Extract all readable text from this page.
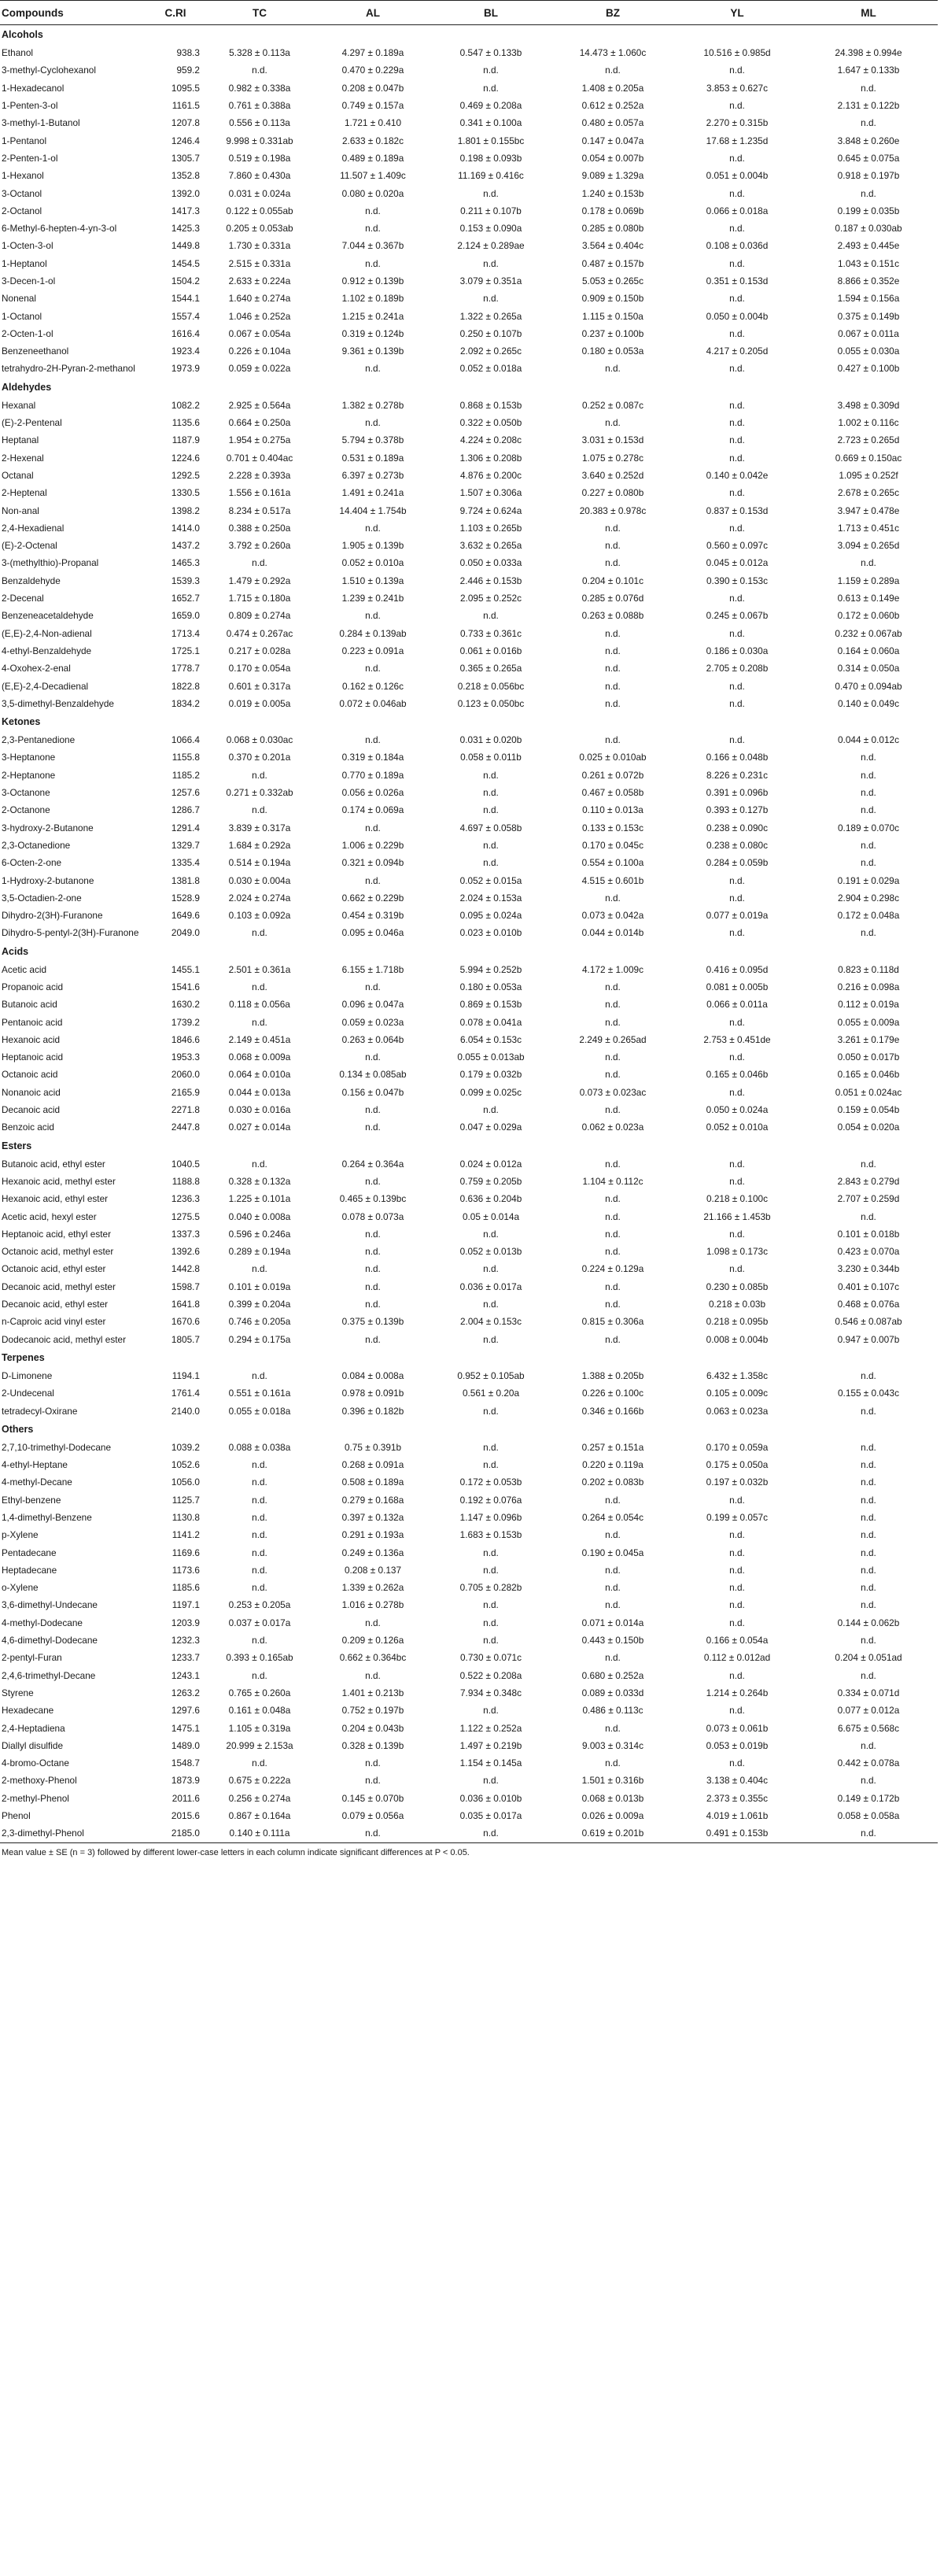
Compounds	C.RI	TC	AL	BL	BZ	YL	ML
Alcohols							
Ethanol	938.3	5.328 ± 0.113a	4.297 ± 0.189a	0.547 ± 0.133b	14.473 ± 1.060c	10.516 ± 0.985d	24.398 ± 0.994e
3-methyl-Cyclohexanol	959.2	n.d.	0.470 ± 0.229a	n.d.	n.d.	n.d.	1.647 ± 0.133b
1-Hexadecanol	1095.5	0.982 ± 0.338a	0.208 ± 0.047b	n.d.	1.408 ± 0.205a	3.853 ± 0.627c	n.d.
1-Penten-3-ol	1161.5	0.761 ± 0.388a	0.749 ± 0.157a	0.469 ± 0.208a	0.612 ± 0.252a	n.d.	2.131 ± 0.122b
3-methyl-1-Butanol	1207.8	0.556 ± 0.113a	1.721 ± 0.410	0.341 ± 0.100a	0.480 ± 0.057a	2.270 ± 0.315b	n.d.
1-Pentanol	1246.4	9.998 ± 0.331ab	2.633 ± 0.182c	1.801 ± 0.155bc	0.147 ± 0.047a	17.68 ± 1.235d	3.848 ± 0.260e
2-Penten-1-ol	1305.7	0.519 ± 0.198a	0.489 ± 0.189a	0.198 ± 0.093b	0.054 ± 0.007b	n.d.	0.645 ± 0.075a
1-Hexanol	1352.8	7.860 ± 0.430a	11.507 ± 1.409c	11.169 ± 0.416c	9.089 ± 1.329a	0.051 ± 0.004b	0.918 ± 0.197b
3-Octanol	1392.0	0.031 ± 0.024a	0.080 ± 0.020a	n.d.	1.240 ± 0.153b	n.d.	n.d.
2-Octanol	1417.3	0.122 ± 0.055ab	n.d.	0.211 ± 0.107b	0.178 ± 0.069b	0.066 ± 0.018a	0.199 ± 0.035b
6-Methyl-6-hepten-4-yn-3-ol	1425.3	0.205 ± 0.053ab	n.d.	0.153 ± 0.090a	0.285 ± 0.080b	n.d.	0.187 ± 0.030ab
1-Octen-3-ol	1449.8	1.730 ± 0.331a	7.044 ± 0.367b	2.124 ± 0.289ae	3.564 ± 0.404c	0.108 ± 0.036d	2.493 ± 0.445e
1-Heptanol	1454.5	2.515 ± 0.331a	n.d.	n.d.	0.487 ± 0.157b	n.d.	1.043 ± 0.151c
3-Decen-1-ol	1504.2	2.633 ± 0.224a	0.912 ± 0.139b	3.079 ± 0.351a	5.053 ± 0.265c	0.351 ± 0.153d	8.866 ± 0.352e
Nonenal	1544.1	1.640 ± 0.274a	1.102 ± 0.189b	n.d.	0.909 ± 0.150b	n.d.	1.594 ± 0.156a
1-Octanol	1557.4	1.046 ± 0.252a	1.215 ± 0.241a	1.322 ± 0.265a	1.115 ± 0.150a	0.050 ± 0.004b	0.375 ± 0.149b
2-Octen-1-ol	1616.4	0.067 ± 0.054a	0.319 ± 0.124b	0.250 ± 0.107b	0.237 ± 0.100b	n.d.	0.067 ± 0.011a
Benzeneethanol	1923.4	0.226 ± 0.104a	9.361 ± 0.139b	2.092 ± 0.265c	0.180 ± 0.053a	4.217 ± 0.205d	0.055 ± 0.030a
tetrahydro-2H-Pyran-2-methanol	1973.9	0.059 ± 0.022a	n.d.	0.052 ± 0.018a	n.d.	n.d.	0.427 ± 0.100b
Aldehydes							
Hexanal	1082.2	2.925 ± 0.564a	1.382 ± 0.278b	0.868 ± 0.153b	0.252 ± 0.087c	n.d.	3.498 ± 0.309d
(E)-2-Pentenal	1135.6	0.664 ± 0.250a	n.d.	0.322 ± 0.050b	n.d.	n.d.	1.002 ± 0.116c
Heptanal	1187.9	1.954 ± 0.275a	5.794 ± 0.378b	4.224 ± 0.208c	3.031 ± 0.153d	n.d.	2.723 ± 0.265d
2-Hexenal	1224.6	0.701 ± 0.404ac	0.531 ± 0.189a	1.306 ± 0.208b	1.075 ± 0.278c	n.d.	0.669 ± 0.150ac
Octanal	1292.5	2.228 ± 0.393a	6.397 ± 0.273b	4.876 ± 0.200c	3.640 ± 0.252d	0.140 ± 0.042e	1.095 ± 0.252f
2-Heptenal	1330.5	1.556 ± 0.161a	1.491 ± 0.241a	1.507 ± 0.306a	0.227 ± 0.080b	n.d.	2.678 ± 0.265c
Non-anal	1398.2	8.234 ± 0.517a	14.404 ± 1.754b	9.724 ± 0.624a	20.383 ± 0.978c	0.837 ± 0.153d	3.947 ± 0.478e
2,4-Hexadienal	1414.0	0.388 ± 0.250a	n.d.	1.103 ± 0.265b	n.d.	n.d.	1.713 ± 0.451c
(E)-2-Octenal	1437.2	3.792 ± 0.260a	1.905 ± 0.139b	3.632 ± 0.265a	n.d.	0.560 ± 0.097c	3.094 ± 0.265d
3-(methylthio)-Propanal	1465.3	n.d.	0.052 ± 0.010a	0.050 ± 0.033a	n.d.	0.045 ± 0.012a	n.d.
Benzaldehyde	1539.3	1.479 ± 0.292a	1.510 ± 0.139a	2.446 ± 0.153b	0.204 ± 0.101c	0.390 ± 0.153c	1.159 ± 0.289a
2-Decenal	1652.7	1.715 ± 0.180a	1.239 ± 0.241b	2.095 ± 0.252c	0.285 ± 0.076d	n.d.	0.613 ± 0.149e
Benzeneacetaldehyde	1659.0	0.809 ± 0.274a	n.d.	n.d.	0.263 ± 0.088b	0.245 ± 0.067b	0.172 ± 0.060b
(E,E)-2,4-Non-adienal	1713.4	0.474 ± 0.267ac	0.284 ± 0.139ab	0.733 ± 0.361c	n.d.	n.d.	0.232 ± 0.067ab
4-ethyl-Benzaldehyde	1725.1	0.217 ± 0.028a	0.223 ± 0.091a	0.061 ± 0.016b	n.d.	0.186 ± 0.030a	0.164 ± 0.060a
4-Oxohex-2-enal	1778.7	0.170 ± 0.054a	n.d.	0.365 ± 0.265a	n.d.	2.705 ± 0.208b	0.314 ± 0.050a
(E,E)-2,4-Decadienal	1822.8	0.601 ± 0.317a	0.162 ± 0.126c	0.218 ± 0.056bc	n.d.	n.d.	0.470 ± 0.094ab
3,5-dimethyl-Benzaldehyde	1834.2	0.019 ± 0.005a	0.072 ± 0.046ab	0.123 ± 0.050bc	n.d.	n.d.	0.140 ± 0.049c
Ketones							
2,3-Pentanedione	1066.4	0.068 ± 0.030ac	n.d.	0.031 ± 0.020b	n.d.	n.d.	0.044 ± 0.012c
3-Heptanone	1155.8	0.370 ± 0.201a	0.319 ± 0.184a	0.058 ± 0.011b	0.025 ± 0.010ab	0.166 ± 0.048b	n.d.
2-Heptanone	1185.2	n.d.	0.770 ± 0.189a	n.d.	0.261 ± 0.072b	8.226 ± 0.231c	n.d.
3-Octanone	1257.6	0.271 ± 0.332ab	0.056 ± 0.026a	n.d.	0.467 ± 0.058b	0.391 ± 0.096b	n.d.
2-Octanone	1286.7	n.d.	0.174 ± 0.069a	n.d.	0.110 ± 0.013a	0.393 ± 0.127b	n.d.
3-hydroxy-2-Butanone	1291.4	3.839 ± 0.317a	n.d.	4.697 ± 0.058b	0.133 ± 0.153c	0.238 ± 0.090c	0.189 ± 0.070c
2,3-Octanedione	1329.7	1.684 ± 0.292a	1.006 ± 0.229b	n.d.	0.170 ± 0.045c	0.238 ± 0.080c	n.d.
6-Octen-2-one	1335.4	0.514 ± 0.194a	0.321 ± 0.094b	n.d.	0.554 ± 0.100a	0.284 ± 0.059b	n.d.
1-Hydroxy-2-butanone	1381.8	0.030 ± 0.004a	n.d.	0.052 ± 0.015a	4.515 ± 0.601b	n.d.	0.191 ± 0.029a
3,5-Octadien-2-one	1528.9	2.024 ± 0.274a	0.662 ± 0.229b	2.024 ± 0.153a	n.d.	n.d.	2.904 ± 0.298c
Dihydro-2(3H)-Furanone	1649.6	0.103 ± 0.092a	0.454 ± 0.319b	0.095 ± 0.024a	0.073 ± 0.042a	0.077 ± 0.019a	0.172 ± 0.048a
Dihydro-5-pentyl-2(3H)-Furanone	2049.0	n.d.	0.095 ± 0.046a	0.023 ± 0.010b	0.044 ± 0.014b	n.d.	n.d.
Acids							
Acetic acid	1455.1	2.501 ± 0.361a	6.155 ± 1.718b	5.994 ± 0.252b	4.172 ± 1.009c	0.416 ± 0.095d	0.823 ± 0.118d
Propanoic acid	1541.6	n.d.	n.d.	0.180 ± 0.053a	n.d.	0.081 ± 0.005b	0.216 ± 0.098a
Butanoic acid	1630.2	0.118 ± 0.056a	0.096 ± 0.047a	0.869 ± 0.153b	n.d.	0.066 ± 0.011a	0.112 ± 0.019a
Pentanoic acid	1739.2	n.d.	0.059 ± 0.023a	0.078 ± 0.041a	n.d.	n.d.	0.055 ± 0.009a
Hexanoic acid	1846.6	2.149 ± 0.451a	0.263 ± 0.064b	6.054 ± 0.153c	2.249 ± 0.265ad	2.753 ± 0.451de	3.261 ± 0.179e
Heptanoic acid	1953.3	0.068 ± 0.009a	n.d.	0.055 ± 0.013ab	n.d.	n.d.	0.050 ± 0.017b
Octanoic acid	2060.0	0.064 ± 0.010a	0.134 ± 0.085ab	0.179 ± 0.032b	n.d.	0.165 ± 0.046b	0.165 ± 0.046b
Nonanoic acid	2165.9	0.044 ± 0.013a	0.156 ± 0.047b	0.099 ± 0.025c	0.073 ± 0.023ac	n.d.	0.051 ± 0.024ac
Decanoic acid	2271.8	0.030 ± 0.016a	n.d.	n.d.	n.d.	0.050 ± 0.024a	0.159 ± 0.054b
Benzoic acid	2447.8	0.027 ± 0.014a	n.d.	0.047 ± 0.029a	0.062 ± 0.023a	0.052 ± 0.010a	0.054 ± 0.020a
Esters							
Butanoic acid, ethyl ester	1040.5	n.d.	0.264 ± 0.364a	0.024 ± 0.012a	n.d.	n.d.	n.d.
Hexanoic acid, methyl ester	1188.8	0.328 ± 0.132a	n.d.	0.759 ± 0.205b	1.104 ± 0.112c	n.d.	2.843 ± 0.279d
Hexanoic acid, ethyl ester	1236.3	1.225 ± 0.101a	0.465 ± 0.139bc	0.636 ± 0.204b	n.d.	0.218 ± 0.100c	2.707 ± 0.259d
Acetic acid, hexyl ester	1275.5	0.040 ± 0.008a	0.078 ± 0.073a	0.05 ± 0.014a	n.d.	21.166 ± 1.453b	n.d.
Heptanoic acid, ethyl ester	1337.3	0.596 ± 0.246a	n.d.	n.d.	n.d.	n.d.	0.101 ± 0.018b
Octanoic acid, methyl ester	1392.6	0.289 ± 0.194a	n.d.	0.052 ± 0.013b	n.d.	1.098 ± 0.173c	0.423 ± 0.070a
Octanoic acid, ethyl ester	1442.8	n.d.	n.d.	n.d.	0.224 ± 0.129a	n.d.	3.230 ± 0.344b
Decanoic acid, methyl ester	1598.7	0.101 ± 0.019a	n.d.	0.036 ± 0.017a	n.d.	0.230 ± 0.085b	0.401 ± 0.107c
Decanoic acid, ethyl ester	1641.8	0.399 ± 0.204a	n.d.	n.d.	n.d.	0.218 ± 0.03b	0.468 ± 0.076a
n-Caproic acid vinyl ester	1670.6	0.746 ± 0.205a	0.375 ± 0.139b	2.004 ± 0.153c	0.815 ± 0.306a	0.218 ± 0.095b	0.546 ± 0.087ab
Dodecanoic acid, methyl ester	1805.7	0.294 ± 0.175a	n.d.	n.d.	n.d.	0.008 ± 0.004b	0.947 ± 0.007b
Terpenes							
D-Limonene	1194.1	n.d.	0.084 ± 0.008a	0.952 ± 0.105ab	1.388 ± 0.205b	6.432 ± 1.358c	n.d.
2-Undecenal	1761.4	0.551 ± 0.161a	0.978 ± 0.091b	0.561 ± 0.20a	0.226 ± 0.100c	0.105 ± 0.009c	0.155 ± 0.043c
tetradecyl-Oxirane	2140.0	0.055 ± 0.018a	0.396 ± 0.182b	n.d.	0.346 ± 0.166b	0.063 ± 0.023a	n.d.
Others							
2,7,10-trimethyl-Dodecane	1039.2	0.088 ± 0.038a	0.75 ± 0.391b	n.d.	0.257 ± 0.151a	0.170 ± 0.059a	n.d.
4-ethyl-Heptane	1052.6	n.d.	0.268 ± 0.091a	n.d.	0.220 ± 0.119a	0.175 ± 0.050a	n.d.
4-methyl-Decane	1056.0	n.d.	0.508 ± 0.189a	0.172 ± 0.053b	0.202 ± 0.083b	0.197 ± 0.032b	n.d.
Ethyl-benzene	1125.7	n.d.	0.279 ± 0.168a	0.192 ± 0.076a	n.d.	n.d.	n.d.
1,4-dimethyl-Benzene	1130.8	n.d.	0.397 ± 0.132a	1.147 ± 0.096b	0.264 ± 0.054c	0.199 ± 0.057c	n.d.
p-Xylene	1141.2	n.d.	0.291 ± 0.193a	1.683 ± 0.153b	n.d.	n.d.	n.d.
Pentadecane	1169.6	n.d.	0.249 ± 0.136a	n.d.	0.190 ± 0.045a	n.d.	n.d.
Heptadecane	1173.6	n.d.	0.208 ± 0.137	n.d.	n.d.	n.d.	n.d.
o-Xylene	1185.6	n.d.	1.339 ± 0.262a	0.705 ± 0.282b	n.d.	n.d.	n.d.
3,6-dimethyl-Undecane	1197.1	0.253 ± 0.205a	1.016 ± 0.278b	n.d.	n.d.	n.d.	n.d.
4-methyl-Dodecane	1203.9	0.037 ± 0.017a	n.d.	n.d.	0.071 ± 0.014a	n.d.	0.144 ± 0.062b
4,6-dimethyl-Dodecane	1232.3	n.d.	0.209 ± 0.126a	n.d.	0.443 ± 0.150b	0.166 ± 0.054a	n.d.
2-pentyl-Furan	1233.7	0.393 ± 0.165ab	0.662 ± 0.364bc	0.730 ± 0.071c	n.d.	0.112 ± 0.012ad	0.204 ± 0.051ad
2,4,6-trimethyl-Decane	1243.1	n.d.	n.d.	0.522 ± 0.208a	0.680 ± 0.252a	n.d.	n.d.
Styrene	1263.2	0.765 ± 0.260a	1.401 ± 0.213b	7.934 ± 0.348c	0.089 ± 0.033d	1.214 ± 0.264b	0.334 ± 0.071d
Hexadecane	1297.6	0.161 ± 0.048a	0.752 ± 0.197b	n.d.	0.486 ± 0.113c	n.d.	0.077 ± 0.012a
2,4-Heptadiena	1475.1	1.105 ± 0.319a	0.204 ± 0.043b	1.122 ± 0.252a	n.d.	0.073 ± 0.061b	6.675 ± 0.568c
Diallyl disulfide	1489.0	20.999 ± 2.153a	0.328 ± 0.139b	1.497 ± 0.219b	9.003 ± 0.314c	0.053 ± 0.019b	n.d.
4-bromo-Octane	1548.7	n.d.	n.d.	1.154 ± 0.145a	n.d.	n.d.	0.442 ± 0.078a
2-methoxy-Phenol	1873.9	0.675 ± 0.222a	n.d.	n.d.	1.501 ± 0.316b	3.138 ± 0.404c	n.d.
2-methyl-Phenol	2011.6	0.256 ± 0.274a	0.145 ± 0.070b	0.036 ± 0.010b	0.068 ± 0.013b	2.373 ± 0.355c	0.149 ± 0.172b
Phenol	2015.6	0.867 ± 0.164a	0.079 ± 0.056a	0.035 ± 0.017a	0.026 ± 0.009a	4.019 ± 1.061b	0.058 ± 0.058a
2,3-dimethyl-Phenol	2185.0	0.140 ± 0.111a	n.d.	n.d.	0.619 ± 0.201b	0.491 ± 0.153b	n.d.
Mean value ± SE (n = 3) followed by different lower-case letters in each column indicate significant differences at P < 0.05.
